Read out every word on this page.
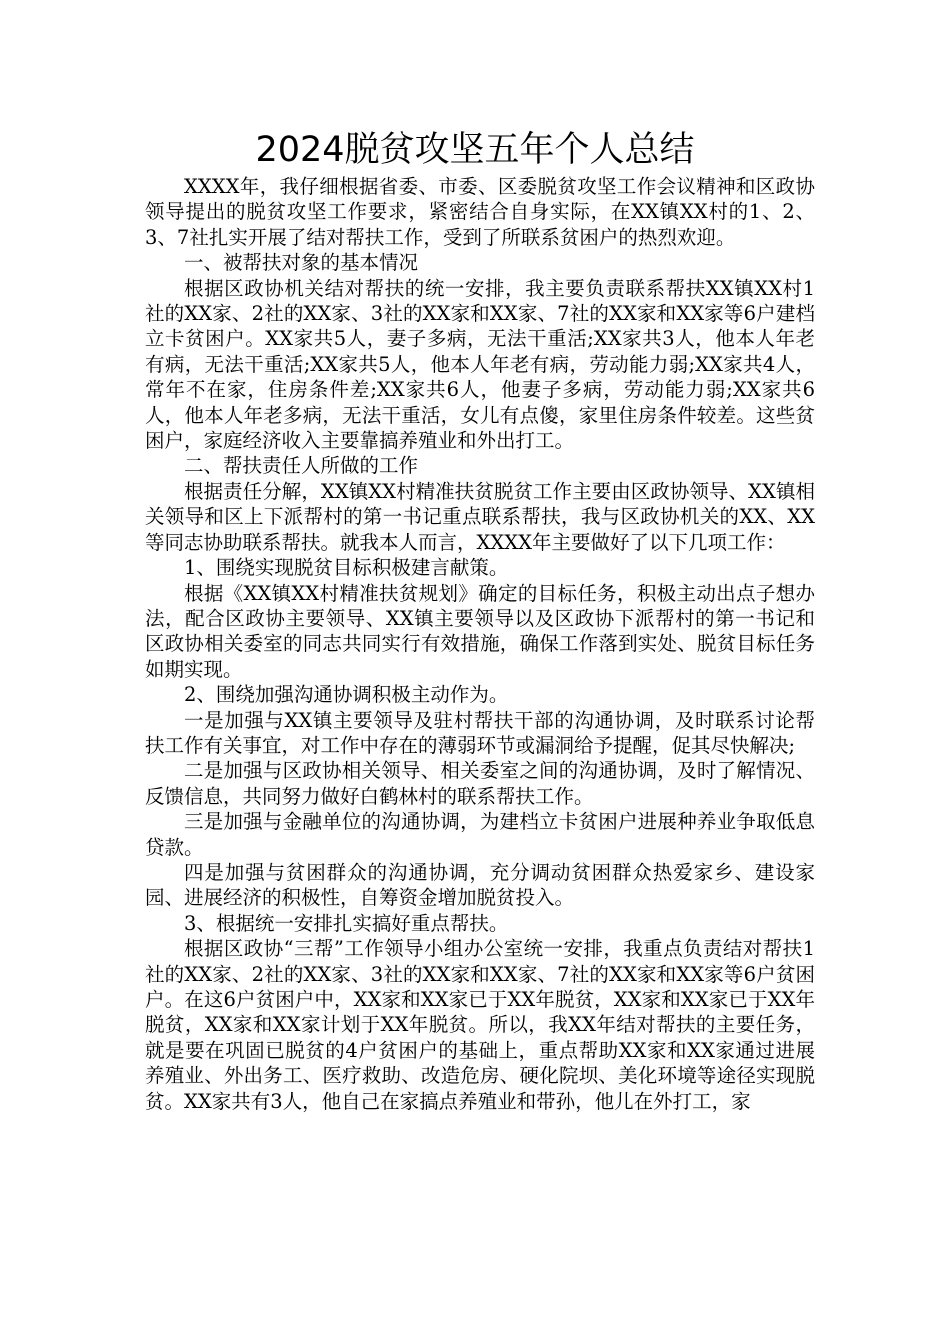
2024脱贫攻坚五年个人总结

XXXX年，我仔细根据省委、市委、区委脱贫攻坚工作会议精神和区政协领导提出的脱贫攻坚工作要求，紧密结合自身实际，在XX镇XX村的1、2、3、7社扎实开展了结对帮扶工作，受到了所联系贫困户的热烈欢迎。

一、被帮扶对象的基本情况

根据区政协机关结对帮扶的统一安排，我主要负责联系帮扶XX镇XX村1社的XX家、2社的XX家、3社的XX家和XX家、7社的XX家和XX家等6户建档立卡贫困户。XX家共5人，妻子多病，无法干重活;XX家共3人，他本人年老有病，无法干重活;XX家共5人，他本人年老有病，劳动能力弱;XX家共4人，常年不在家，住房条件差;XX家共6人，他妻子多病，劳动能力弱;XX家共6人，他本人年老多病，无法干重活，女儿有点傻，家里住房条件较差。这些贫困户，家庭经济收入主要靠搞养殖业和外出打工。

二、帮扶责任人所做的工作

根据责任分解，XX镇XX村精准扶贫脱贫工作主要由区政协领导、XX镇相关领导和区上下派帮村的第一书记重点联系帮扶，我与区政协机关的XX、XX等同志协助联系帮扶。就我本人而言，XXXX年主要做好了以下几项工作：

1、围绕实现脱贫目标积极建言献策。

根据《XX镇XX村精准扶贫规划》确定的目标任务，积极主动出点子想办法，配合区政协主要领导、XX镇主要领导以及区政协下派帮村的第一书记和区政协相关委室的同志共同实行有效措施，确保工作落到实处、脱贫目标任务如期实现。

2、围绕加强沟通协调积极主动作为。

一是加强与XX镇主要领导及驻村帮扶干部的沟通协调，及时联系讨论帮扶工作有关事宜，对工作中存在的薄弱环节或漏洞给予提醒，促其尽快解决;

二是加强与区政协相关领导、相关委室之间的沟通协调，及时了解情况、反馈信息，共同努力做好白鹤林村的联系帮扶工作。

三是加强与金融单位的沟通协调，为建档立卡贫困户进展种养业争取低息贷款。

四是加强与贫困群众的沟通协调，充分调动贫困群众热爱家乡、建设家园、进展经济的积极性，自筹资金增加脱贫投入。

3、根据统一安排扎实搞好重点帮扶。

根据区政协“三帮”工作领导小组办公室统一安排，我重点负责结对帮扶1社的XX家、2社的XX家、3社的XX家和XX家、7社的XX家和XX家等6户贫困户。在这6户贫困户中，XX家和XX家已于XX年脱贫，XX家和XX家已于XX年脱贫，XX家和XX家计划于XX年脱贫。所以，我XX年结对帮扶的主要任务，就是要在巩固已脱贫的4户贫困户的基础上，重点帮助XX家和XX家通过进展养殖业、外出务工、医疗救助、改造危房、硬化院坝、美化环境等途径实现脱贫。XX家共有3人，他自己在家搞点养殖业和带孙，他儿在外打工，家
